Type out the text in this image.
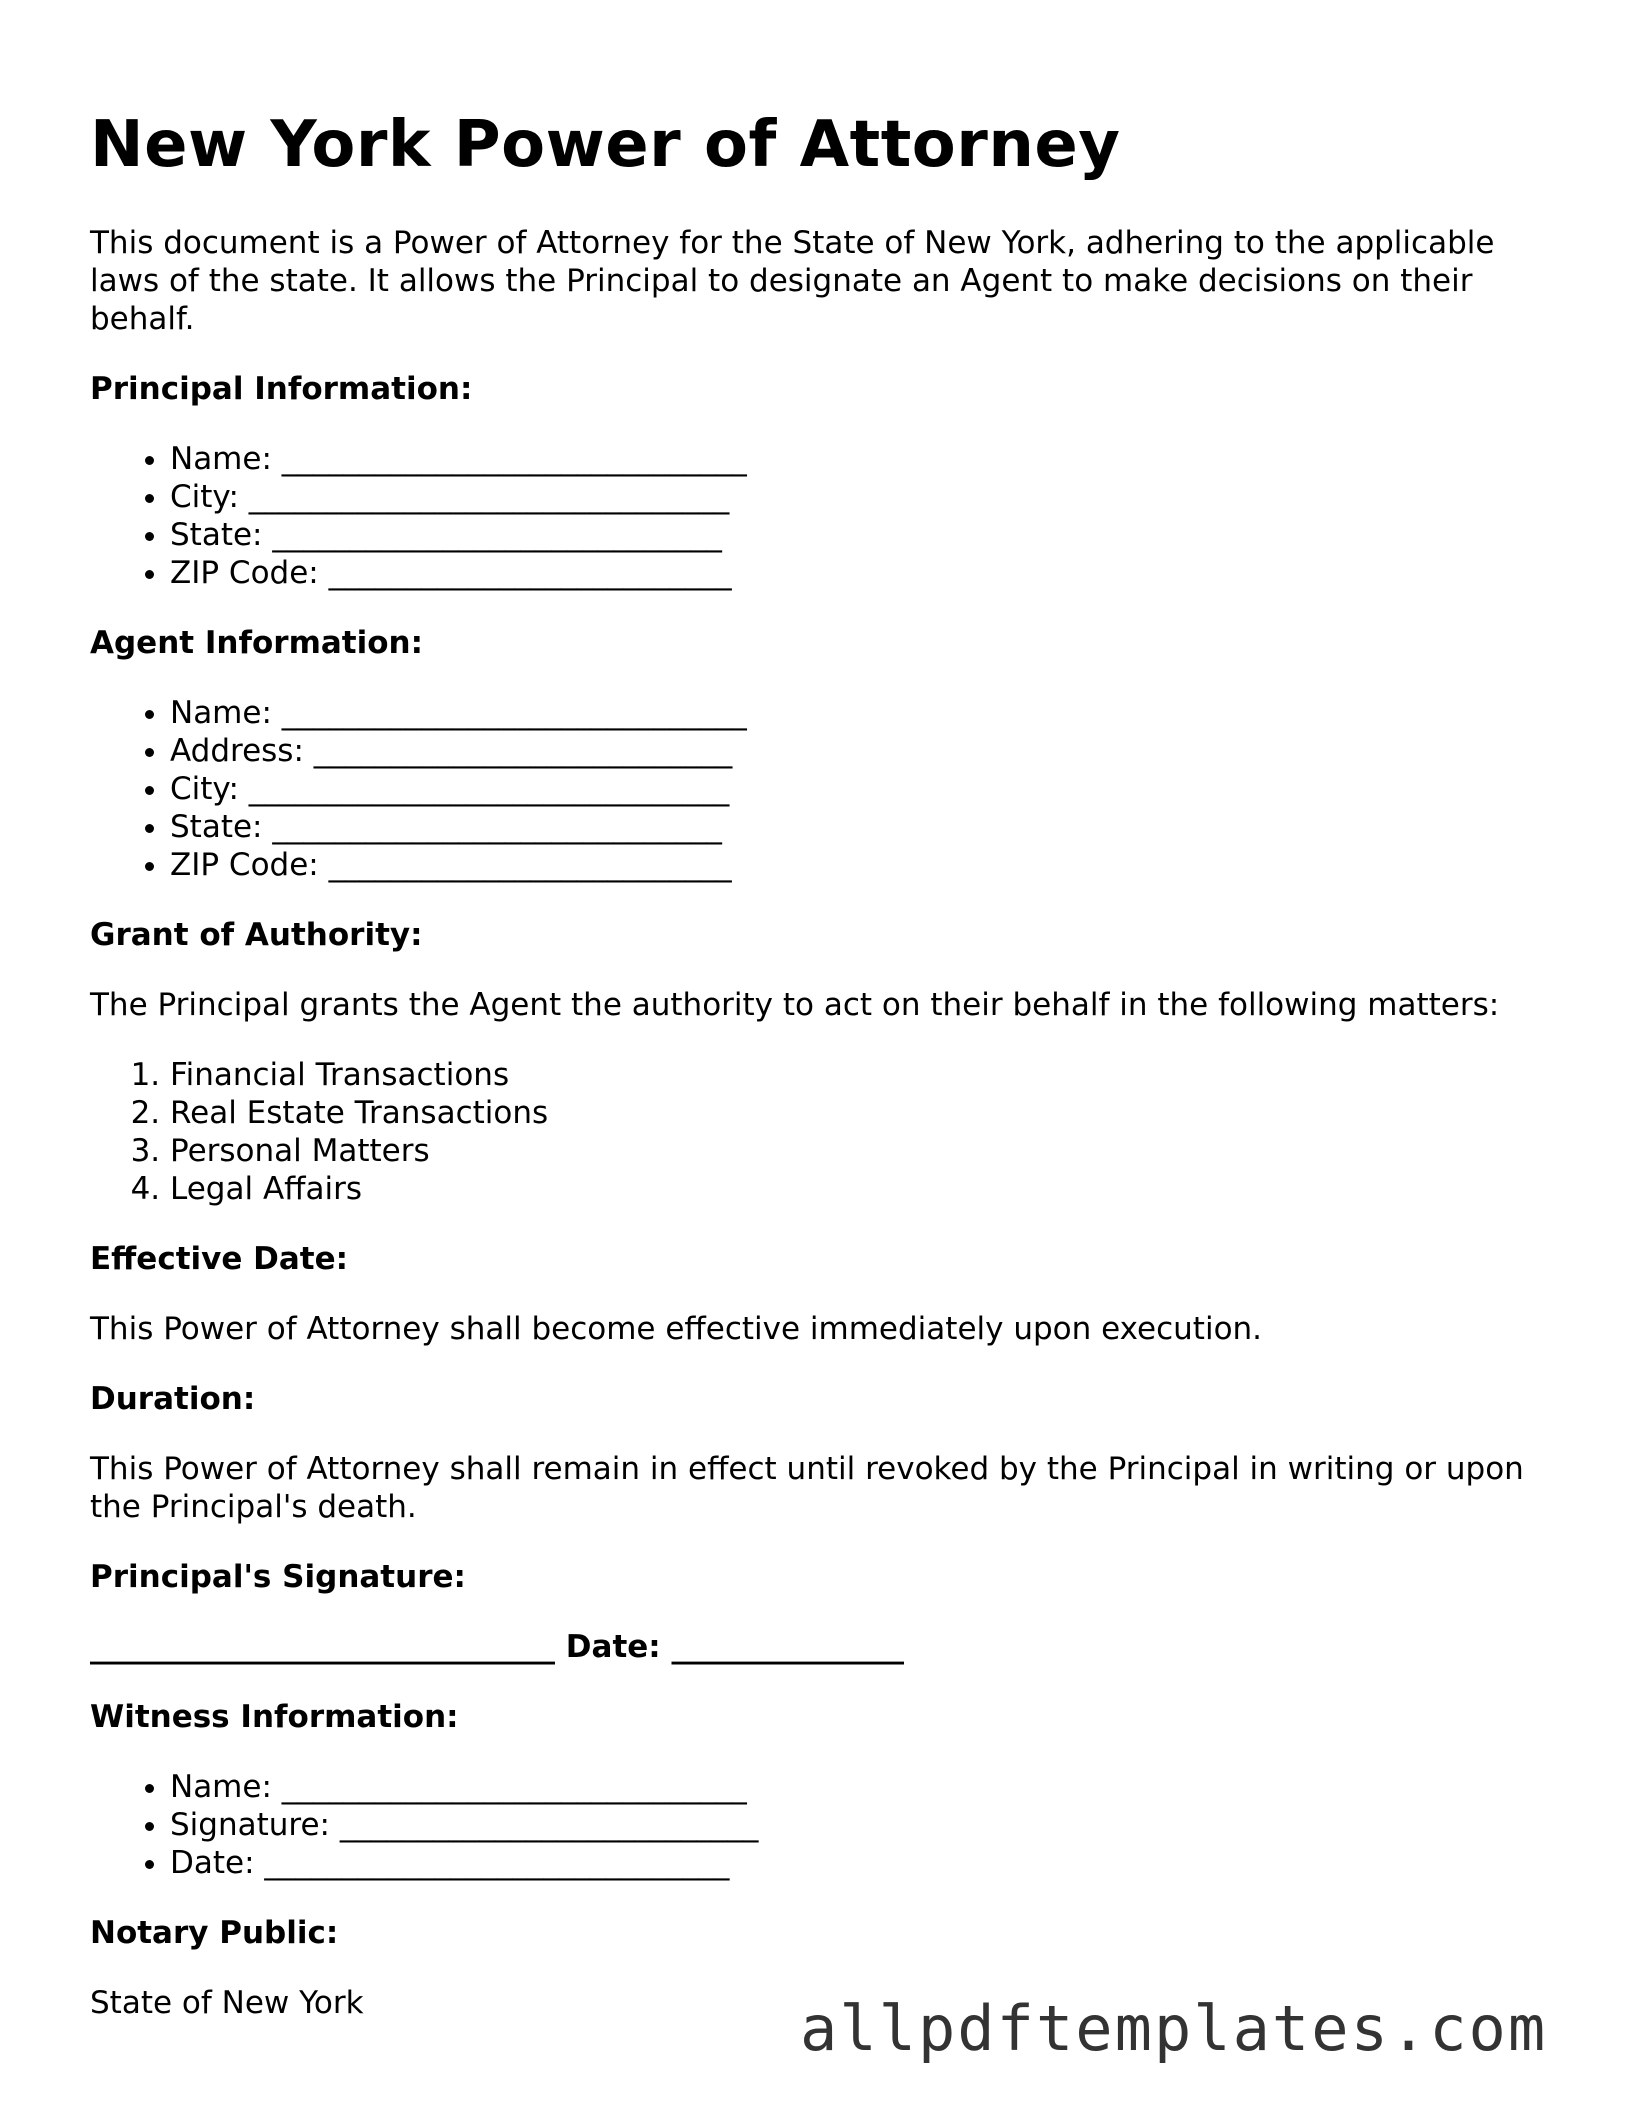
New York Power of Attorney

This document is a Power of Attorney for the State of New York, adhering to the applicable laws of the state. It allows the Principal to designate an Agent to make decisions on their behalf.

Principal Information:
• Name: ______________________________
• City: _______________________________
• State: _____________________________
• ZIP Code: __________________________
Agent Information:
• Name: ______________________________
• Address: ___________________________
• City: _______________________________
• State: _____________________________
• ZIP Code: __________________________
Grant of Authority:

The Principal grants the Agent the authority to act on their behalf in the following matters:

1. Financial Transactions
2. Real Estate Transactions
3. Personal Matters
4. Legal Affairs
Effective Date:

This Power of Attorney shall become effective immediately upon execution.

Duration:

This Power of Attorney shall remain in effect until revoked by the Principal in writing or upon the Principal's death.

Principal's Signature:
______________________________ Date: _______________
Witness Information:
• Name: ______________________________
• Signature: ___________________________
• Date: ______________________________
Notary Public:

State of New York	allpdftemplates.com
